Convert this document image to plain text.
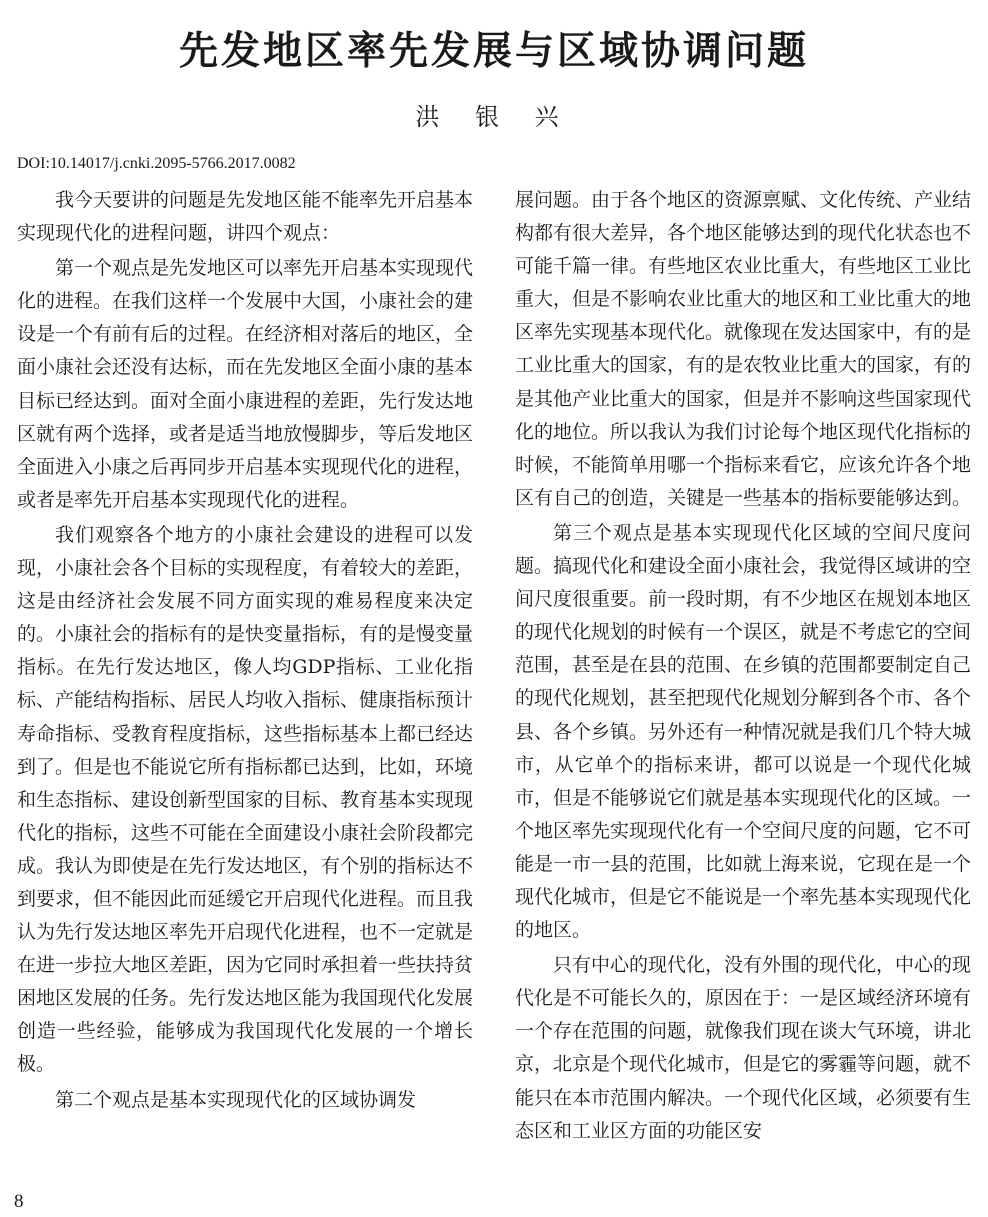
先发地区率先发展与区域协调问题
洪 银 兴
DOI:10.14017/j.cnki.2095-5766.2017.0082

我今天要讲的问题是先发地区能不能率先开启基本实现现代化的进程问题，讲四个观点：

第一个观点是先发地区可以率先开启基本实现现代化的进程。在我们这样一个发展中大国，小康社会的建设是一个有前有后的过程。在经济相对落后的地区，全面小康社会还没有达标，而在先发地区全面小康的基本目标已经达到。面对全面小康进程的差距，先行发达地区就有两个选择，或者是适当地放慢脚步，等后发地区全面进入小康之后再同步开启基本实现现代化的进程，或者是率先开启基本实现现代化的进程。

我们观察各个地方的小康社会建设的进程可以发现，小康社会各个目标的实现程度，有着较大的差距，这是由经济社会发展不同方面实现的难易程度来决定的。小康社会的指标有的是快变量指标，有的是慢变量指标。在先行发达地区，像人均GDP指标、工业化指标、产能结构指标、居民人均收入指标、健康指标预计寿命指标、受教育程度指标，这些指标基本上都已经达到了。但是也不能说它所有指标都已达到，比如，环境和生态指标、建设创新型国家的目标、教育基本实现现代化的指标，这些不可能在全面建设小康社会阶段都完成。我认为即使是在先行发达地区，有个别的指标达不到要求，但不能因此而延缓它开启现代化进程。而且我认为先行发达地区率先开启现代化进程，也不一定就是在进一步拉大地区差距，因为它同时承担着一些扶持贫困地区发展的任务。先行发达地区能为我国现代化发展创造一些经验，能够成为我国现代化发展的一个增长极。

第二个观点是基本实现现代化的区域协调发

展问题。由于各个地区的资源禀赋、文化传统、产业结构都有很大差异，各个地区能够达到的现代化状态也不可能千篇一律。有些地区农业比重大，有些地区工业比重大，但是不影响农业比重大的地区和工业比重大的地区率先实现基本现代化。就像现在发达国家中，有的是工业比重大的国家，有的是农牧业比重大的国家，有的是其他产业比重大的国家，但是并不影响这些国家现代化的地位。所以我认为我们讨论每个地区现代化指标的时候，不能简单用哪一个指标来看它，应该允许各个地区有自己的创造，关键是一些基本的指标要能够达到。

第三个观点是基本实现现代化区域的空间尺度问题。搞现代化和建设全面小康社会，我觉得区域讲的空间尺度很重要。前一段时期，有不少地区在规划本地区的现代化规划的时候有一个误区，就是不考虑它的空间范围，甚至是在县的范围、在乡镇的范围都要制定自己的现代化规划，甚至把现代化规划分解到各个市、各个县、各个乡镇。另外还有一种情况就是我们几个特大城市，从它单个的指标来讲，都可以说是一个现代化城市，但是不能够说它们就是基本实现现代化的区域。一个地区率先实现现代化有一个空间尺度的问题，它不可能是一市一县的范围，比如就上海来说，它现在是一个现代化城市，但是它不能说是一个率先基本实现现代化的地区。

只有中心的现代化，没有外围的现代化，中心的现代化是不可能长久的，原因在于：一是区域经济环境有一个存在范围的问题，就像我们现在谈大气环境，讲北京，北京是个现代化城市，但是它的雾霾等问题，就不能只在本市范围内解决。一个现代化区域，必须要有生态区和工业区方面的功能区安

8
